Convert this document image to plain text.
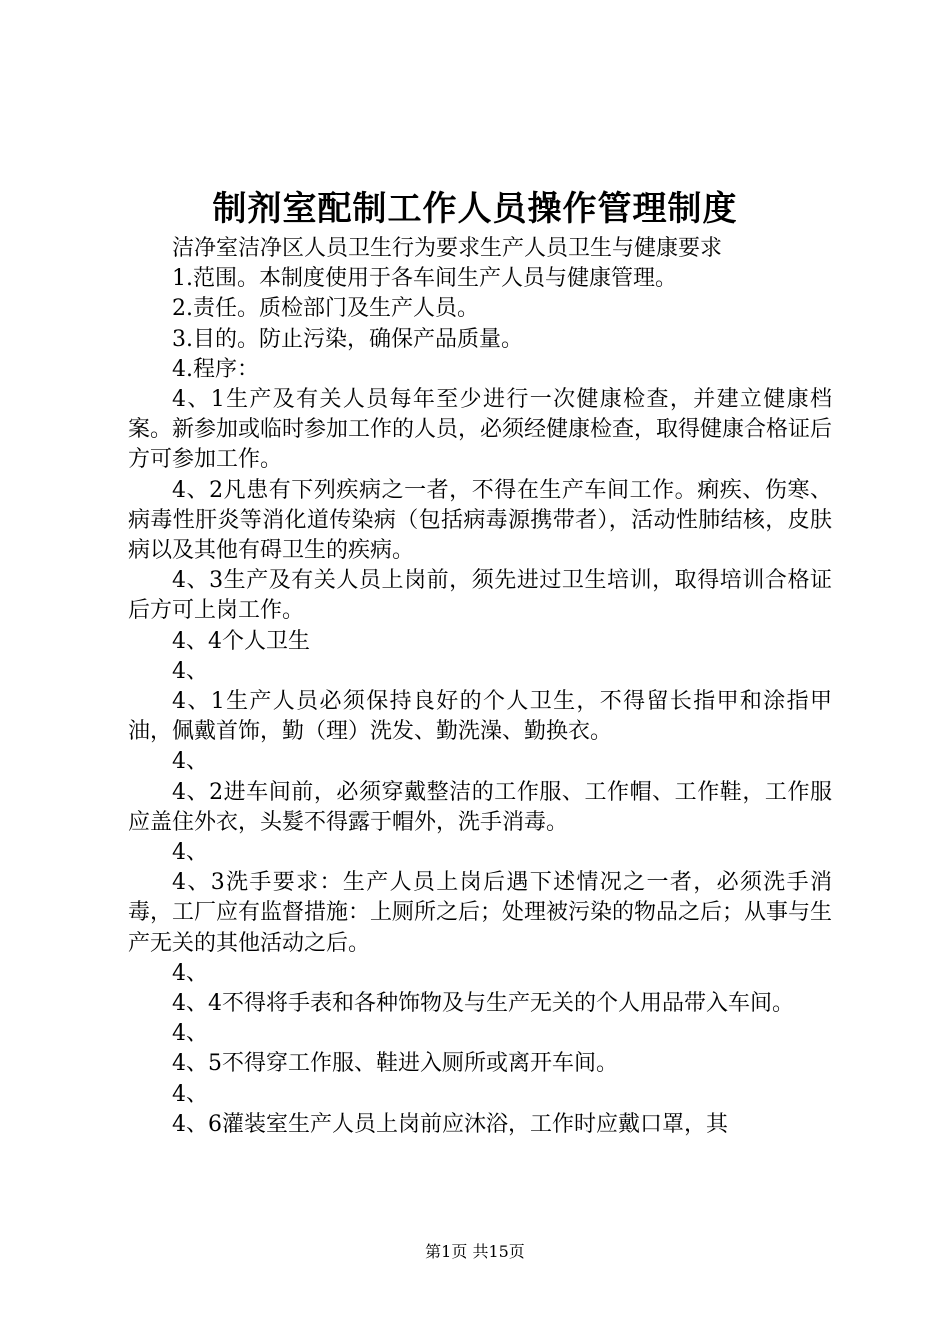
制剂室配制工作人员操作管理制度

洁净室洁净区人员卫生行为要求生产人员卫生与健康要求

1.范围。本制度使用于各车间生产人员与健康管理。

2.责任。质检部门及生产人员。

3.目的。防止污染，确保产品质量。

4.程序：

4、1生产及有关人员每年至少进行一次健康检查，并建立健康档案。新参加或临时参加工作的人员，必须经健康检查，取得健康合格证后方可参加工作。

4、2凡患有下列疾病之一者，不得在生产车间工作。痢疾、伤寒、病毒性肝炎等消化道传染病（包括病毒源携带者），活动性肺结核，皮肤病以及其他有碍卫生的疾病。

4、3生产及有关人员上岗前，须先进过卫生培训，取得培训合格证后方可上岗工作。

4、4个人卫生

4、

4、1生产人员必须保持良好的个人卫生，不得留长指甲和涂指甲油，佩戴首饰，勤（理）洗发、勤洗澡、勤换衣。

4、

4、2进车间前，必须穿戴整洁的工作服、工作帽、工作鞋，工作服应盖住外衣，头髮不得露于帽外，洗手消毒。

4、

4、3洗手要求：生产人员上岗后遇下述情况之一者，必须洗手消毒，工厂应有监督措施：上厕所之后；处理被污染的物品之后；从事与生产无关的其他活动之后。

4、

4、4不得将手表和各种饰物及与生产无关的个人用品带入车间。

4、

4、5不得穿工作服、鞋进入厕所或离开车间。

4、

4、6灌装室生产人员上岗前应沐浴，工作时应戴口罩，其

第1页 共15页
